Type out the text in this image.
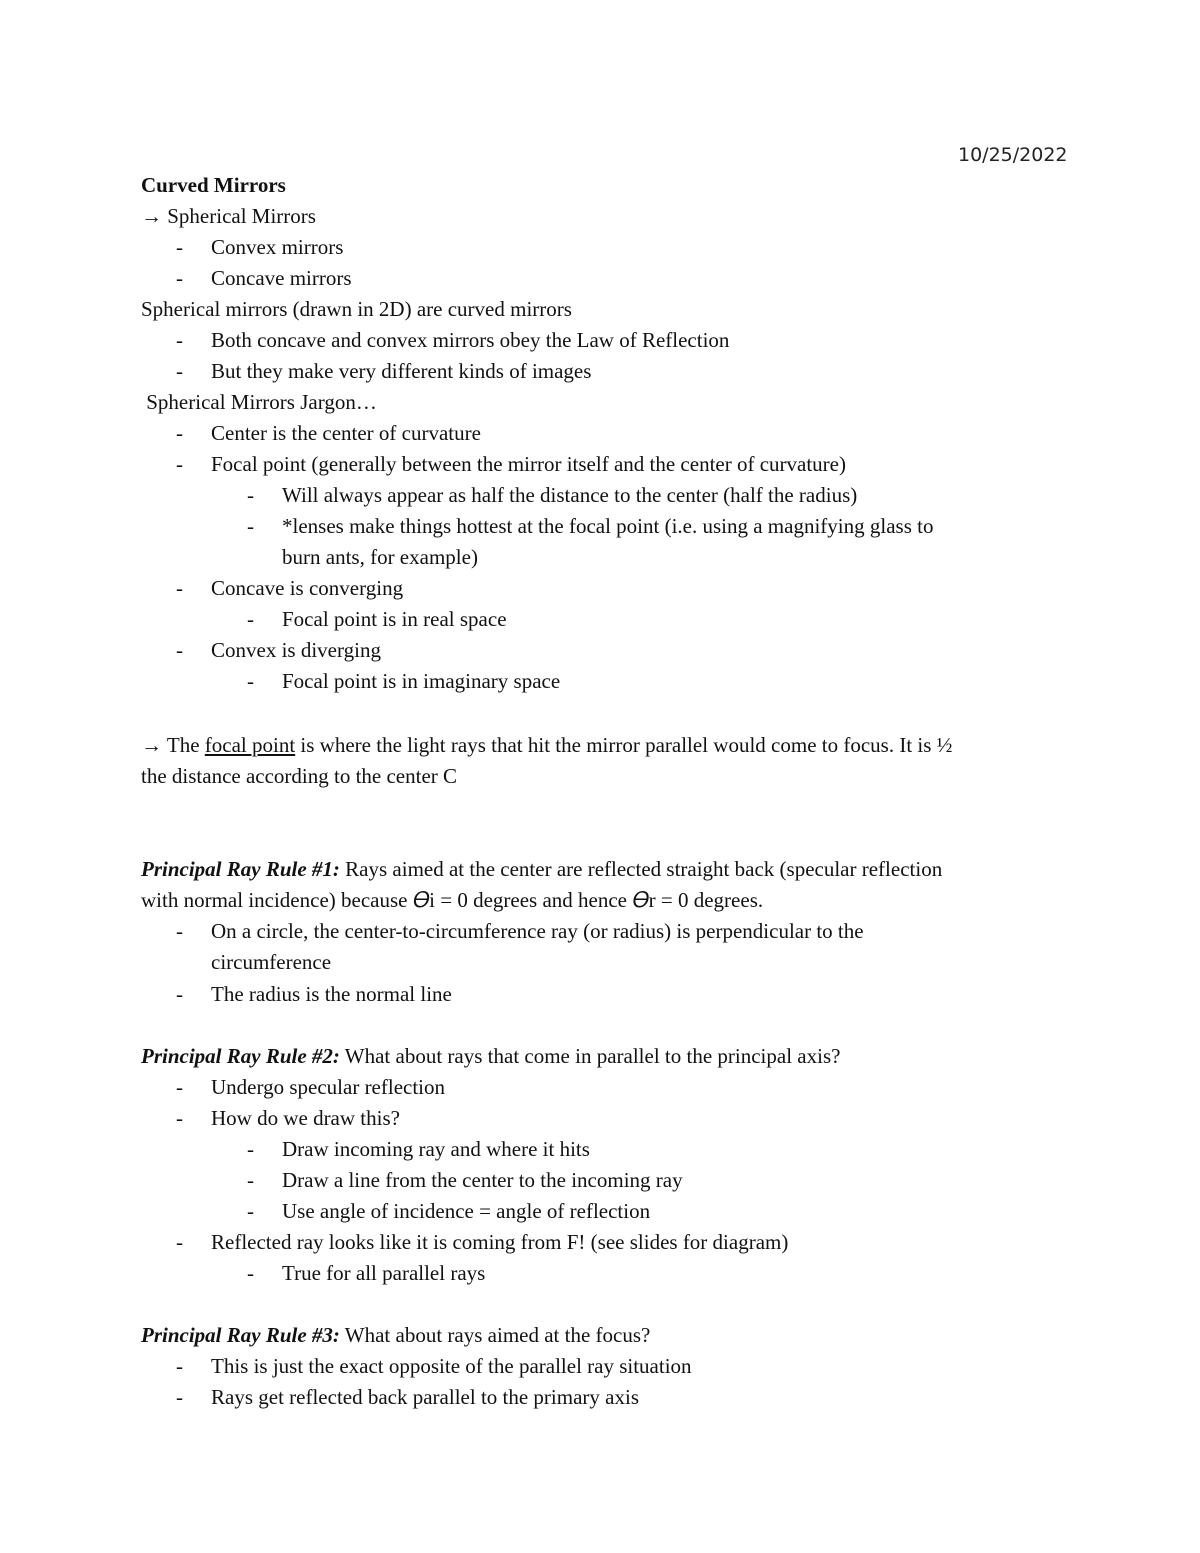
10/25/2022
Curved Mirrors
→ Spherical Mirrors
- Convex mirrors
- Concave mirrors
Spherical mirrors (drawn in 2D) are curved mirrors
- Both concave and convex mirrors obey the Law of Reflection
- But they make very different kinds of images
Spherical Mirrors Jargon…
- Center is the center of curvature
- Focal point (generally between the mirror itself and the center of curvature)
- Will always appear as half the distance to the center (half the radius)
- *lenses make things hottest at the focal point (i.e. using a magnifying glass to
burn ants, for example)
- Concave is converging
- Focal point is in real space
- Convex is diverging
- Focal point is in imaginary space
→ The focal point is where the light rays that hit the mirror parallel would come to focus. It is ½
the distance according to the center C
Principal Ray Rule #1: Rays aimed at the center are reflected straight back (specular reflection
with normal incidence) because 𝛳i = 0 degrees and hence 𝛳r = 0 degrees.
- On a circle, the center-to-circumference ray (or radius) is perpendicular to the
circumference
- The radius is the normal line
Principal Ray Rule #2: What about rays that come in parallel to the principal axis?
- Undergo specular reflection
- How do we draw this?
- Draw incoming ray and where it hits
- Draw a line from the center to the incoming ray
- Use angle of incidence = angle of reflection
- Reflected ray looks like it is coming from F! (see slides for diagram)
- True for all parallel rays
Principal Ray Rule #3: What about rays aimed at the focus?
- This is just the exact opposite of the parallel ray situation
- Rays get reflected back parallel to the primary axis
